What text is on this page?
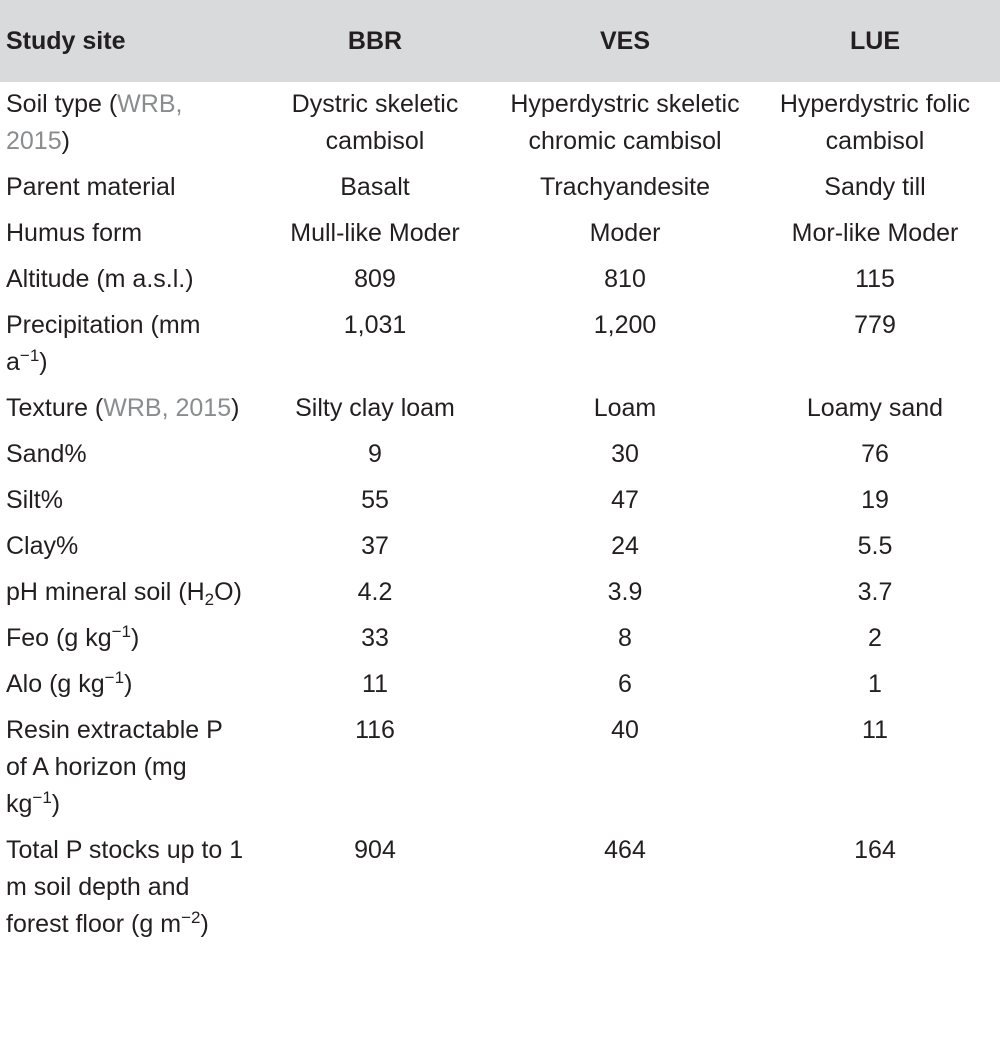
Study site	BBR	VES	LUE
Soil type (WRB, 2015)	Dystric skeletic cambisol	Hyperdystric skeletic chromic cambisol	Hyperdystric folic cambisol
Parent material	Basalt	Trachyandesite	Sandy till
Humus form	Mull-like Moder	Moder	Mor-like Moder
Altitude (m a.s.l.)	809	810	115
Precipitation (mm $a^{-1}$)	1,031	1,200	779
Texture (WRB, 2015)	Silty clay loam	Loam	Loamy sand
Sand%	9	30	76
Silt%	55	47	19
Clay%	37	24	5.5
pH mineral soil $(H_2O)$	4.2	3.9	3.7
Feo (g $kg^{-1}$)	33	8	2
Alo (g $kg^{-1}$)	11	6	1
Resin extractable P of A horizon (mg $kg^{-1}$)	116	40	11
Total P stocks up to 1 m soil depth and forest floor (g $m^{-2}$)	904	464	164
